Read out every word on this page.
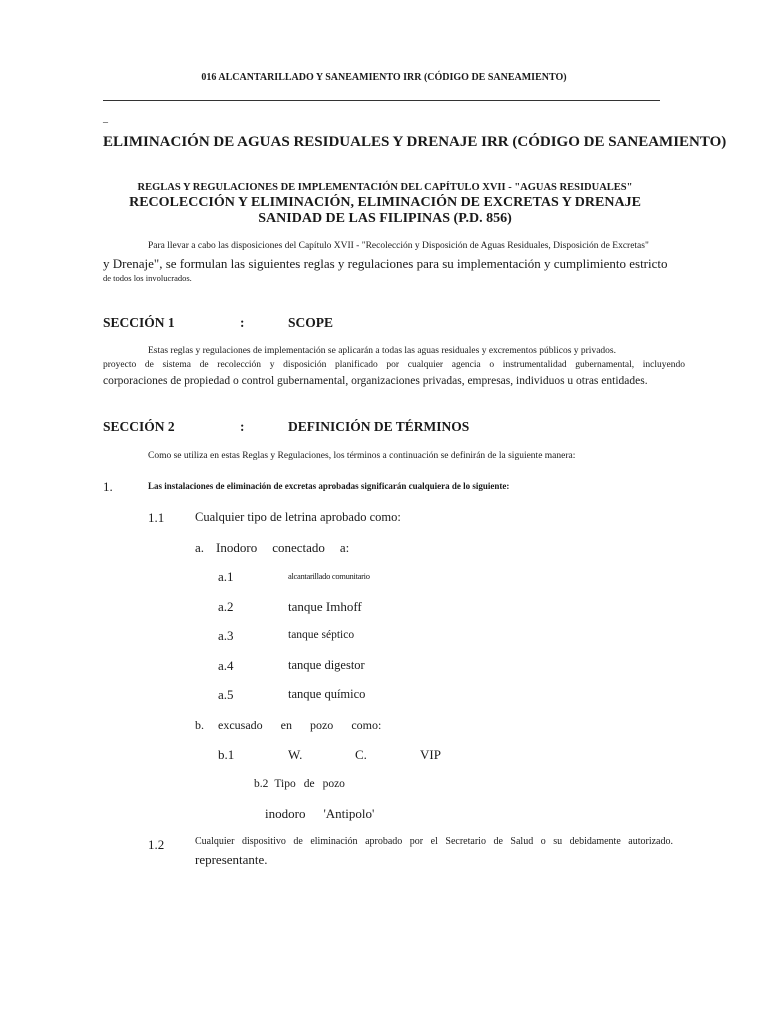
016 ALCANTARILLADO Y SANEAMIENTO IRR (CÓDIGO DE SANEAMIENTO)
_
ELIMINACIÓN DE AGUAS RESIDUALES Y DRENAJE IRR (CÓDIGO DE SANEAMIENTO)
REGLAS Y REGULACIONES DE IMPLEMENTACIÓN DEL CAPÍTULO XVII - "AGUAS RESIDUALES"
RECOLECCIÓN Y ELIMINACIÓN, ELIMINACIÓN DE EXCRETAS Y DRENAJE
SANIDAD DE LAS FILIPINAS (P.D. 856)
Para llevar a cabo las disposiciones del Capítulo XVII - "Recolección y Disposición de Aguas Residuales, Disposición de Excretas"
y Drenaje", se formulan las siguientes reglas y regulaciones para su implementación y cumplimiento estricto
de todos los involucrados.
SECCIÓN 1	:	SCOPE
Estas reglas y regulaciones de implementación se aplicarán a todas las aguas residuales y excrementos públicos y privados.
proyecto de sistema de recolección y disposición planificado por cualquier agencia o instrumentalidad gubernamental, incluyendo
corporaciones de propiedad o control gubernamental, organizaciones privadas, empresas, individuos u otras entidades.
SECCIÓN 2	:	DEFINICIÓN DE TÉRMINOS
Como se utiliza en estas Reglas y Regulaciones, los términos a continuación se definirán de la siguiente manera:
1.	Las instalaciones de eliminación de excretas aprobadas significarán cualquiera de lo siguiente:
1.1 Cualquier tipo de letrina aprobado como:
a. Inodoro conectado a:
a.1	alcantarillado comunitario
a.2	tanque Imhoff
a.3	tanque séptico
a.4	tanque digestor
a.5	tanque químico
b. excusado en pozo como:
b.1	W.	C.	VIP
b.2 Tipo de pozo
inodoro 'Antipolo'
1.2	Cualquier dispositivo de eliminación aprobado por el Secretario de Salud o su debidamente autorizado.
representante.
